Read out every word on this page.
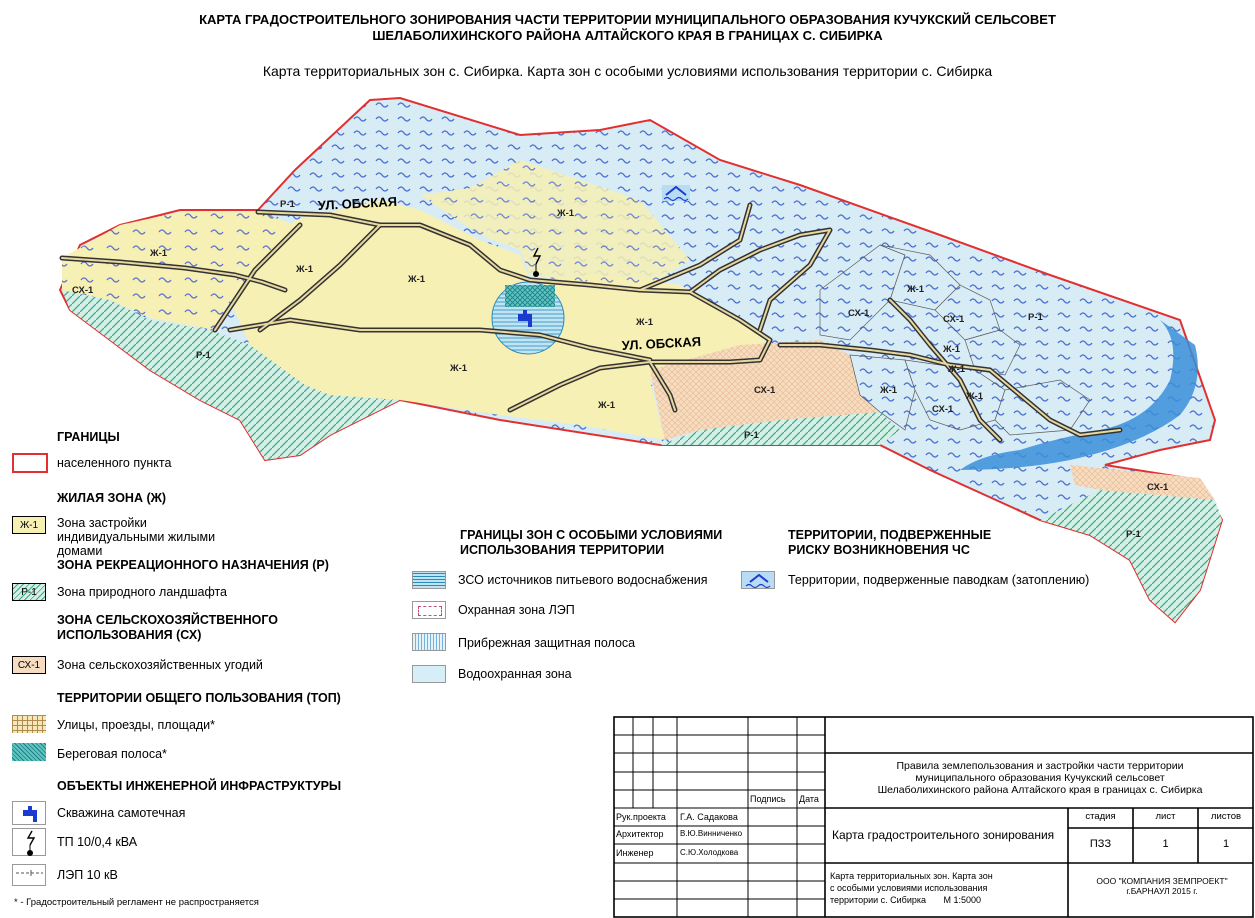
КАРТА ГРАДОСТРОИТЕЛЬНОГО ЗОНИРОВАНИЯ ЧАСТИ ТЕРРИТОРИИ МУНИЦИПАЛЬНОГО ОБРАЗОВАНИЯ КУЧУКСКИЙ СЕЛЬСОВЕТ
ШЕЛАБОЛИХИНСКОГО РАЙОНА АЛТАЙСКОГО КРАЯ В ГРАНИЦАХ С. СИБИРКА
Карта территориальных зон с. Сибирка. Карта зон с особыми условиями использования территории с. Сибирка
Р-1
Ж-1
Ж-1
Ж-1
Ж-1
СХ-1
Р-1
Ж-1
Ж-1
Ж-1
СХ-1
Р-1
Ж-1
СХ-1
СХ-1
Ж-1
Ж-1
Ж-1
СХ-1
Ж-1
Р-1
СХ-1
Р-1
УЛ. ОБСКАЯ
УЛ. ОБСКАЯ
ГРАНИЦЫ
населенного пункта
ЖИЛАЯ ЗОНА (Ж)
Ж-1	Зона застройки индивидуальными жилыми домами
ЗОНА РЕКРЕАЦИОННОГО НАЗНАЧЕНИЯ (Р)
Р-1	Зона природного ландшафта
ЗОНА СЕЛЬСКОХОЗЯЙСТВЕННОГО ИСПОЛЬЗОВАНИЯ (СХ)
СХ-1	Зона сельскохозяйственных угодий
ТЕРРИТОРИИ ОБЩЕГО ПОЛЬЗОВАНИЯ (ТОП)
Улицы, проезды, площади*
Береговая полоса*
ОБЪЕКТЫ ИНЖЕНЕРНОЙ ИНФРАСТРУКТУРЫ
Скважина самотечная
ТП 10/0,4 кВА
ЛЭП 10 кВ
* - Градостроительный регламент не распространяется
ГРАНИЦЫ ЗОН С ОСОБЫМИ УСЛОВИЯМИ ИСПОЛЬЗОВАНИЯ ТЕРРИТОРИИ
ЗСО источников питьевого водоснабжения
Охранная зона ЛЭП
Прибрежная защитная полоса
Водоохранная зона
ТЕРРИТОРИИ, ПОДВЕРЖЕННЫЕ РИСКУ ВОЗНИКНОВЕНИЯ ЧС
Территории, подверженные паводкам (затоплению)
Подпись Дата
Рук.проекта Г.А. Садакова
Архитектор В.Ю.Винниченко
Инженер	С.Ю.Холодкова
Правила землепользования и застройки части территории
муниципального образования Кучукский сельсовет
Шелаболихинского района Алтайского края в границах с. Сибирка
Карта градостроительного зонирования
стадия	лист	листов
ПЗЗ	1	1
Карта территориальных зон. Карта зон
с особыми условиями использования
территории с. Сибирка М 1:5000
ООО "КОМПАНИЯ ЗЕМПРОЕКТ"
г.БАРНАУЛ 2015 г.
